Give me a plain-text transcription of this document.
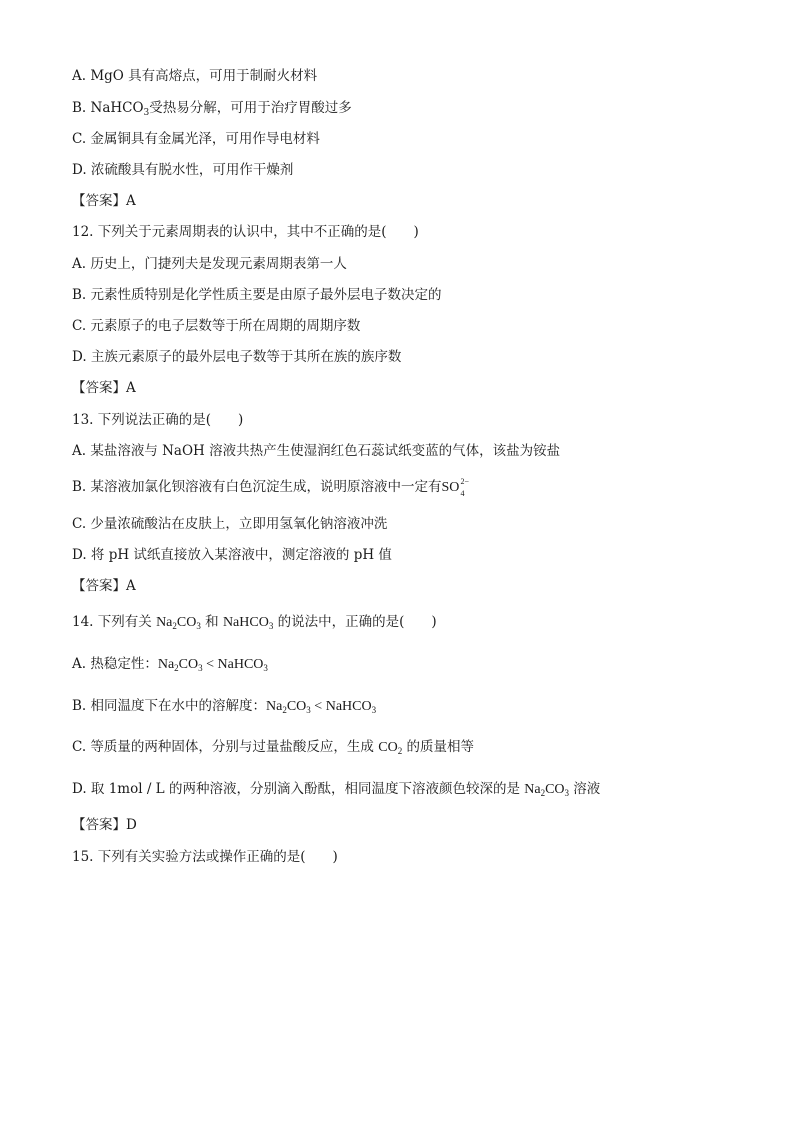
A. MgO 具有高熔点，可用于制耐火材料
B. NaHCO$_3$受热易分解，可用于治疗胃酸过多
C. 金属铜具有金属光泽，可用作导电材料
D. 浓硫酸具有脱水性，可用作干燥剂
【答案】A
12. 下列关于元素周期表的认识中，其中不正确的是(　　)
A. 历史上，门捷列夫是发现元素周期表第一人
B. 元素性质特别是化学性质主要是由原子最外层电子数决定的
C. 元素原子的电子层数等于所在周期的周期序数
D. 主族元素原子的最外层电子数等于其所在族的族序数
【答案】A
13. 下列说法正确的是(　　)
A. 某盐溶液与 NaOH 溶液共热产生使湿润红色石蕊试纸变蓝的气体，该盐为铵盐
B. 某溶液加氯化钡溶液有白色沉淀生成，说明原溶液中一定有SO 2−
4
C. 少量浓硫酸沾在皮肤上，立即用氢氧化钠溶液冲洗
D. 将 pH 试纸直接放入某溶液中，测定溶液的 pH 值
【答案】A
14. 下列有关 $Na_2CO_3$ 和 NaHCO$_3$ 的说法中，正确的是(　　)
A. 热稳定性：$Na_2CO_3$ < NaHCO$_3$
B. 相同温度下在水中的溶解度：$Na_2CO_3$ < NaHCO$_3$
C. 等质量的两种固体，分别与过量盐酸反应，生成 $CO_2$ 的质量相等
D. 取 1mol / L 的两种溶液，分别滴入酚酞，相同温度下溶液颜色较深的是 $Na_2CO_3$ 溶液
【答案】D
15. 下列有关实验方法或操作正确的是(　　)
